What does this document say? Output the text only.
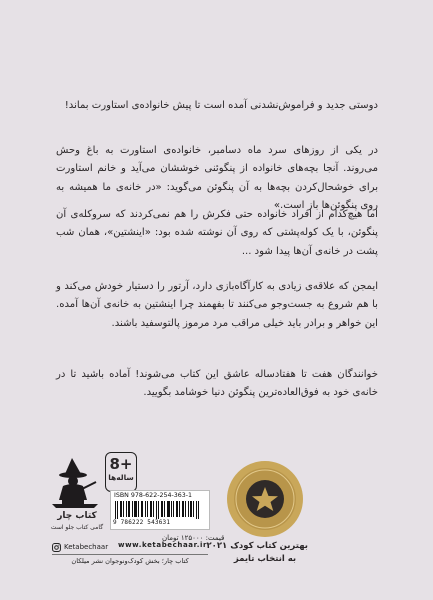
دوستی جدید و فراموش‌نشدنی آمده است تا پیش خانواده‌ی استاورت بماند!

در یکی از روزهای سرد ماه دسامبر، خانواده‌ی استاورت به باغ وحش می‌روند. آنجا بچه‌های خانواده از پنگوئنی خوششان می‌آید و خانم استاورت برای خوشحال‌کردن بچه‌ها به آن پنگوئن می‌گوید: «در خانه‌ی ما همیشه به روی پنگوئن‌ها باز است.»

اما هیچ‌کدام از افراد خانواده حتی فکرش را هم نمی‌کردند که سروکله‌ی آن پنگوئن، با یک کوله‌پشتی که روی آن نوشته شده بود: «اینشتین»، همان شب پشت در خانه‌ی آن‌ها پیدا شود ...

ایمجن که علاقه‌ی زیادی به کارآگاه‌بازی دارد، آرتور را دستیار خودش می‌کند و با هم شروع به جست‌وجو می‌کنند تا بفهمند چرا اینشتین به خانه‌ی آن‌ها آمده. این خواهر و برادر باید خیلی مراقب مرد مرموز پالتوسفید باشند.

خوانندگان هفت تا هفتادساله عاشق این کتاب می‌شوند! آماده باشید تا در خانه‌ی خود به فوق‌العاده‌ترین پنگوئن دنیا خوشامد بگویید.

8+
ساله‌ها
کتاب چار
گامی کتاب جلو است
ISBN 978-622-254-363-1
9 786222 543631
قیمت: ۱۲۵۰۰۰ تومان
Ketabechaar www.ketabechaar.ir
کتاب چار؛ بخش کودک‌ونوجوان نشر میلکان
بهترین کتاب کودک ۲۰۲۱
به انتخاب تایمز
